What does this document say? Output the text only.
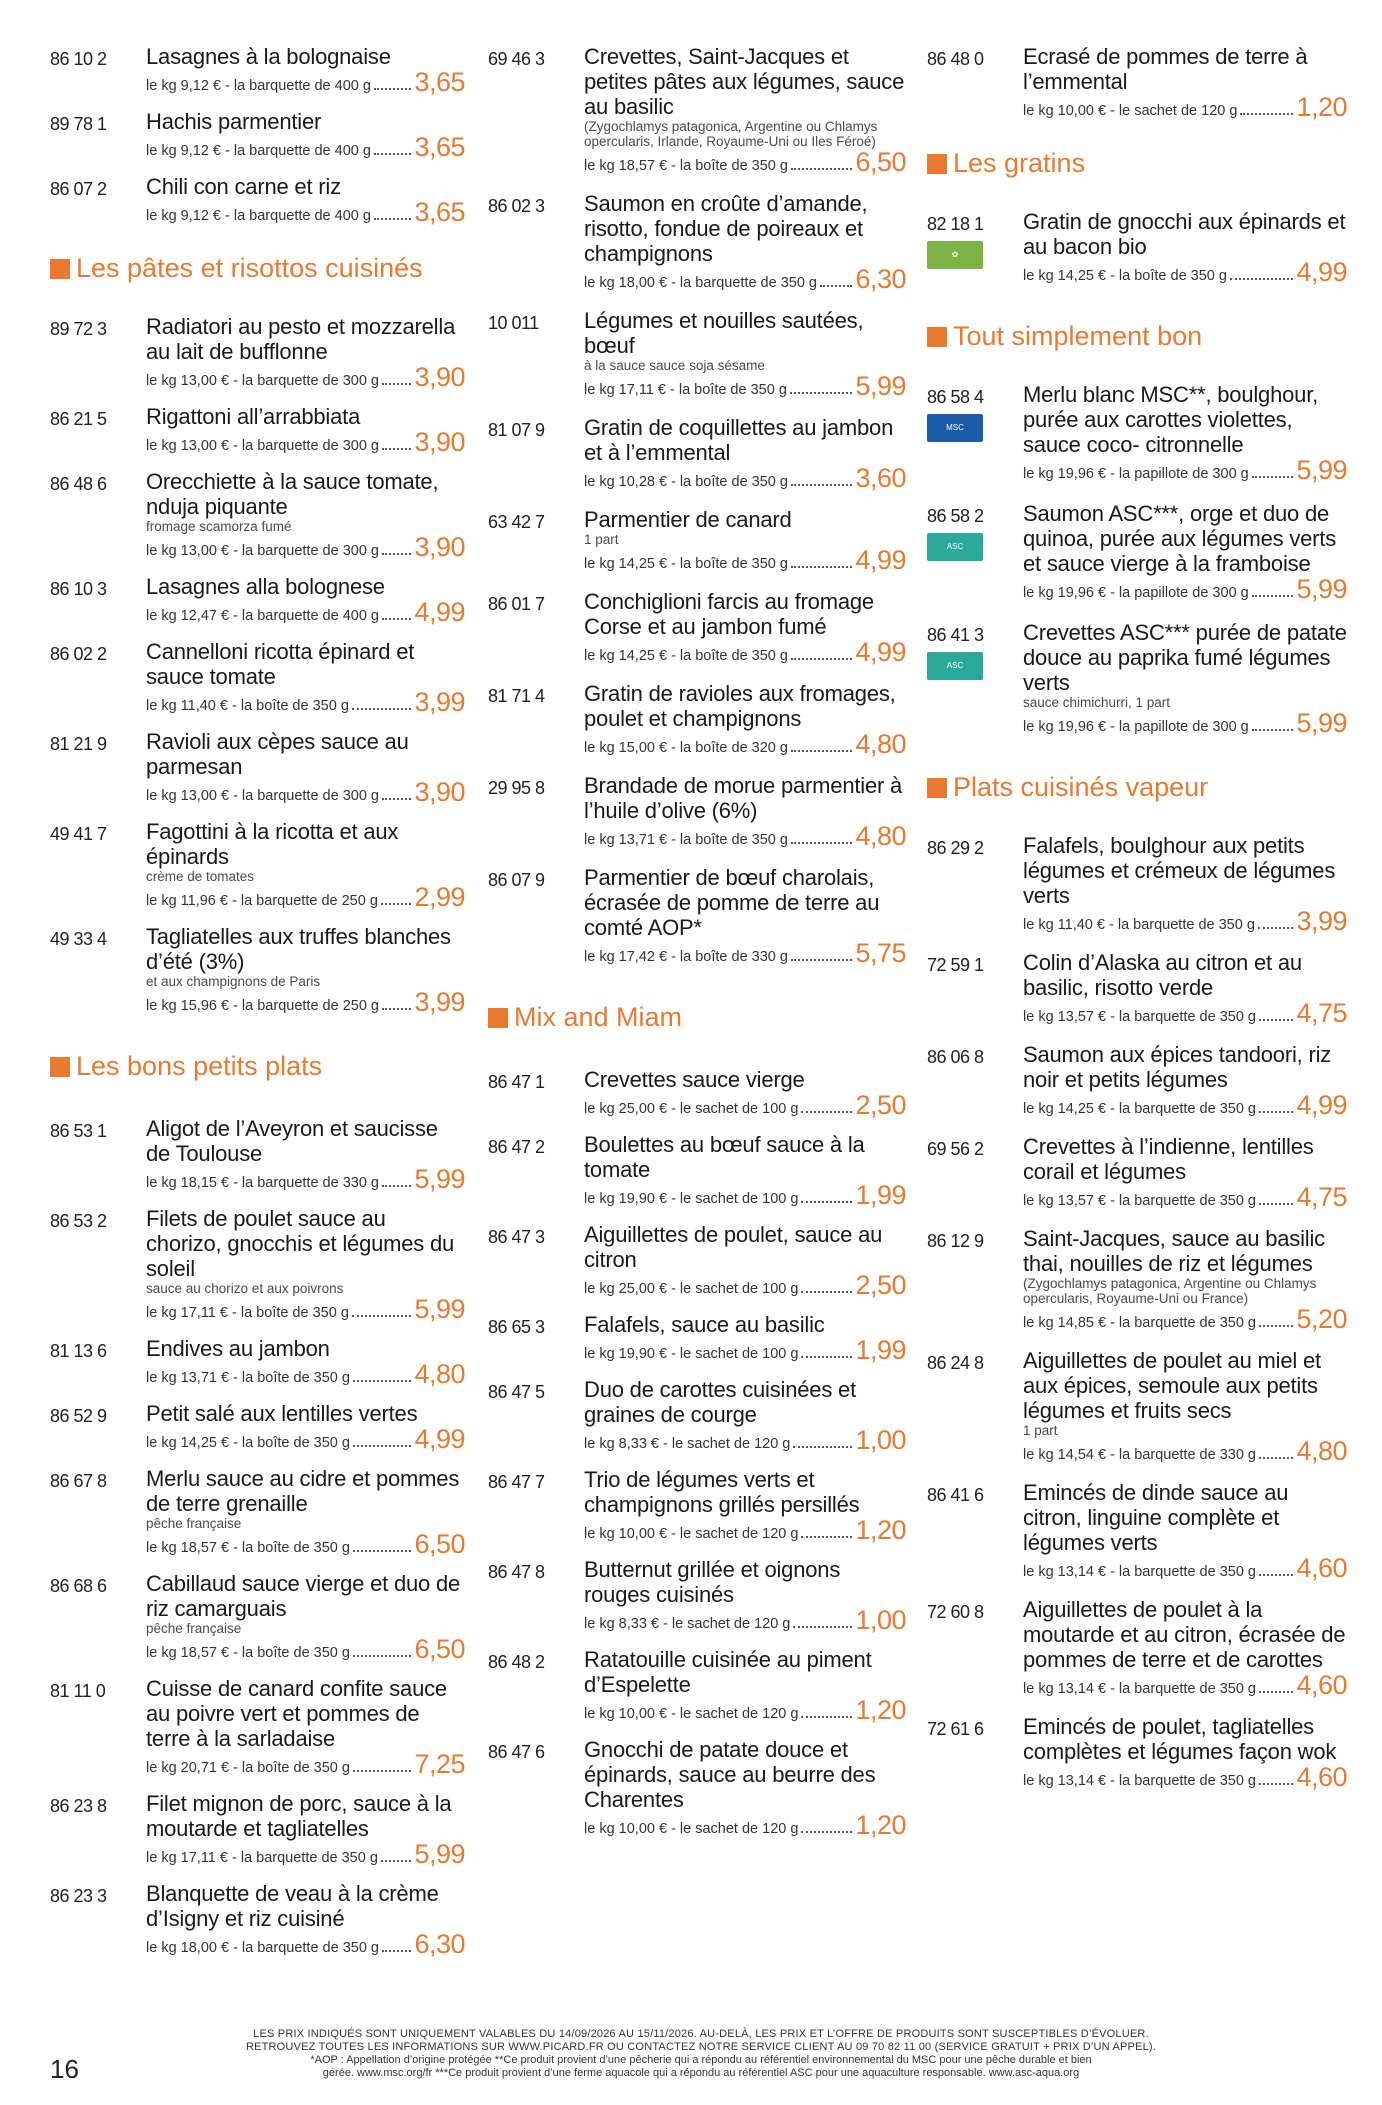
86 10 2 Lasagnes à la bolognaise
le kg 9,12 € - la barquette de 400 g 3,65
89 78 1 Hachis parmentier
le kg 9,12 € - la barquette de 400 g 3,65
86 07 2 Chili con carne et riz
le kg 9,12 € - la barquette de 400 g 3,65
Les pâtes et risottos cuisinés
89 72 3 Radiatori au pesto et mozzarella au lait de bufflonne
le kg 13,00 € - la barquette de 300 g 3,90
86 21 5 Rigattoni all’arrabbiata
le kg 13,00 € - la barquette de 300 g 3,90
86 48 6 Orecchiette à la sauce tomate, nduja piquante
fromage scamorza fumé
le kg 13,00 € - la barquette de 300 g 3,90
86 10 3 Lasagnes alla bolognese
le kg 12,47 € - la barquette de 400 g 4,99
86 02 2 Cannelloni ricotta épinard et sauce tomate
le kg 11,40 € - la boîte de 350 g 3,99
81 21 9 Ravioli aux cèpes sauce au parmesan
le kg 13,00 € - la barquette de 300 g 3,90
49 41 7 Fagottini à la ricotta et aux épinards
crème de tomates
le kg 11,96 € - la barquette de 250 g 2,99
49 33 4 Tagliatelles aux truffes blanches d’été (3%)
et aux champignons de Paris
le kg 15,96 € - la barquette de 250 g 3,99
Les bons petits plats
86 53 1 Aligot de l’Aveyron et saucisse de Toulouse
le kg 18,15 € - la barquette de 330 g 5,99
86 53 2 Filets de poulet sauce au chorizo, gnocchis et légumes du soleil
sauce au chorizo et aux poivrons
le kg 17,11 € - la boîte de 350 g 5,99
81 13 6 Endives au jambon
le kg 13,71 € - la boîte de 350 g 4,80
86 52 9 Petit salé aux lentilles vertes
le kg 14,25 € - la boîte de 350 g 4,99
86 67 8 Merlu sauce au cidre et pommes de terre grenaille
pêche française
le kg 18,57 € - la boîte de 350 g 6,50
86 68 6 Cabillaud sauce vierge et duo de riz camarguais
pêche française
le kg 18,57 € - la boîte de 350 g 6,50
81 11 0 Cuisse de canard confite sauce au poivre vert et pommes de terre à la sarladaise
le kg 20,71 € - la boîte de 350 g 7,25
86 23 8 Filet mignon de porc, sauce à la moutarde et tagliatelles
le kg 17,11 € - la barquette de 350 g 5,99
86 23 3 Blanquette de veau à la crème d’Isigny et riz cuisiné
le kg 18,00 € - la barquette de 350 g 6,30
69 46 3 Crevettes, Saint-Jacques et petites pâtes aux légumes, sauce au basilic
(Zygochlamys patagonica, Argentine ou Chlamys opercularis, Irlande, Royaume-Uni ou Iles Féroé)
le kg 18,57 € - la boîte de 350 g 6,50
86 02 3 Saumon en croûte d’amande, risotto, fondue de poireaux et champignons
le kg 18,00 € - la barquette de 350 g 6,30
10 011 Légumes et nouilles sautées, bœuf
à la sauce sauce soja sésame
le kg 17,11 € - la boîte de 350 g	5,99
81 07 9 Gratin de coquillettes au jambon et à l’emmental
le kg 10,28 € - la boîte de 350 g 3,60
63 42 7 Parmentier de canard
1 part
le kg 14,25 € - la boîte de 350 g 4,99
86 01 7 Conchiglioni farcis au fromage Corse et au jambon fumé
le kg 14,25 € - la boîte de 350 g 4,99
81 71 4 Gratin de ravioles aux fromages, poulet et champignons
le kg 15,00 € - la boîte de 320 g 4,80
29 95 8 Brandade de morue parmentier à l’huile d’olive (6%)
le kg 13,71 € - la boîte de 350 g 4,80
86 07 9 Parmentier de bœuf charolais, écrasée de pomme de terre au comté AOP*
le kg 17,42 € - la boîte de 330 g 5,75
Mix and Miam
86 47 1 Crevettes sauce vierge
le kg 25,00 € - le sachet de 100 g 2,50
86 47 2 Boulettes au bœuf sauce à la tomate
le kg 19,90 € - le sachet de 100 g 1,99
86 47 3 Aiguillettes de poulet, sauce au citron
le kg 25,00 € - le sachet de 100 g 2,50
86 65 3 Falafels, sauce au basilic
le kg 19,90 € - le sachet de 100 g 1,99
86 47 5 Duo de carottes cuisinées et graines de courge
le kg 8,33 € - le sachet de 120 g 1,00
86 47 7 Trio de légumes verts et champignons grillés persillés
le kg 10,00 € - le sachet de 120 g 1,20
86 47 8 Butternut grillée et oignons rouges cuisinés
le kg 8,33 € - le sachet de 120 g 1,00
86 48 2 Ratatouille cuisinée au piment d’Espelette
le kg 10,00 € - le sachet de 120 g 1,20
86 47 6 Gnocchi de patate douce et épinards, sauce au beurre des Charentes
le kg 10,00 € - le sachet de 120 g 1,20
86 48 0 Ecrasé de pommes de terre à l’emmental
le kg 10,00 € - le sachet de 120 g 1,20
Les gratins
82 18 1
✿
Gratin de gnocchi aux épinards et au bacon bio
le kg 14,25 € - la boîte de 350 g	4,99
Tout simplement bon
86 58 4
MSC
Merlu blanc MSC**, boulghour, purée aux carottes violettes, sauce coco- citronnelle
le kg 19,96 € - la papillote de 300 g 5,99
86 58 2
ASC
Saumon ASC***, orge et duo de quinoa, purée aux légumes verts et sauce vierge à la framboise
le kg 19,96 € - la papillote de 300 g 5,99
86 41 3
ASC
Crevettes ASC*** purée de patate douce au paprika fumé légumes verts
sauce chimichurri, 1 part
le kg 19,96 € - la papillote de 300 g 5,99
Plats cuisinés vapeur
86 29 2 Falafels, boulghour aux petits légumes et crémeux de légumes verts
le kg 11,40 € - la barquette de 350 g 3,99
72 59 1 Colin d’Alaska au citron et au basilic, risotto verde
le kg 13,57 € - la barquette de 350 g 4,75
86 06 8 Saumon aux épices tandoori, riz noir et petits légumes
le kg 14,25 € - la barquette de 350 g 4,99
69 56 2 Crevettes à l’indienne, lentilles corail et légumes
le kg 13,57 € - la barquette de 350 g 4,75
86 12 9 Saint-Jacques, sauce au basilic thai, nouilles de riz et légumes
(Zygochlamys patagonica, Argentine ou Chlamys opercularis, Royaume-Uni ou France)
le kg 14,85 € - la barquette de 350 g 5,20
86 24 8 Aiguillettes de poulet au miel et aux épices, semoule aux petits légumes et fruits secs
1 part
le kg 14,54 € - la barquette de 330 g 4,80
86 41 6 Emincés de dinde sauce au citron, linguine complète et légumes verts
le kg 13,14 € - la barquette de 350 g 4,60
72 60 8 Aiguillettes de poulet à la moutarde et au citron, écrasée de pommes de terre et de carottes
le kg 13,14 € - la barquette de 350 g 4,60
72 61 6 Emincés de poulet, tagliatelles complètes et légumes façon wok
le kg 13,14 € - la barquette de 350 g 4,60
LES PRIX INDIQUÉS SONT UNIQUEMENT VALABLES DU 14/09/2026 AU 15/11/2026. AU-DELÀ, LES PRIX ET L’OFFRE DE PRODUITS SONT SUSCEPTIBLES D’ÉVOLUER.
RETROUVEZ TOUTES LES INFORMATIONS SUR WWW.PICARD.FR OU CONTACTEZ NOTRE SERVICE CLIENT AU 09 70 82 11 00 (SERVICE GRATUIT + PRIX D’UN APPEL).
*AOP : Appellation d’origine protégée **Ce produit provient d’une pêcherie qui a répondu au référentiel environnemental du MSC pour une pêche durable et bien
gérée. www.msc.org/fr ***Ce produit provient d’une ferme aquacole qui a répondu au référentiel ASC pour une aquaculture responsable. www.asc-aqua.org
16
